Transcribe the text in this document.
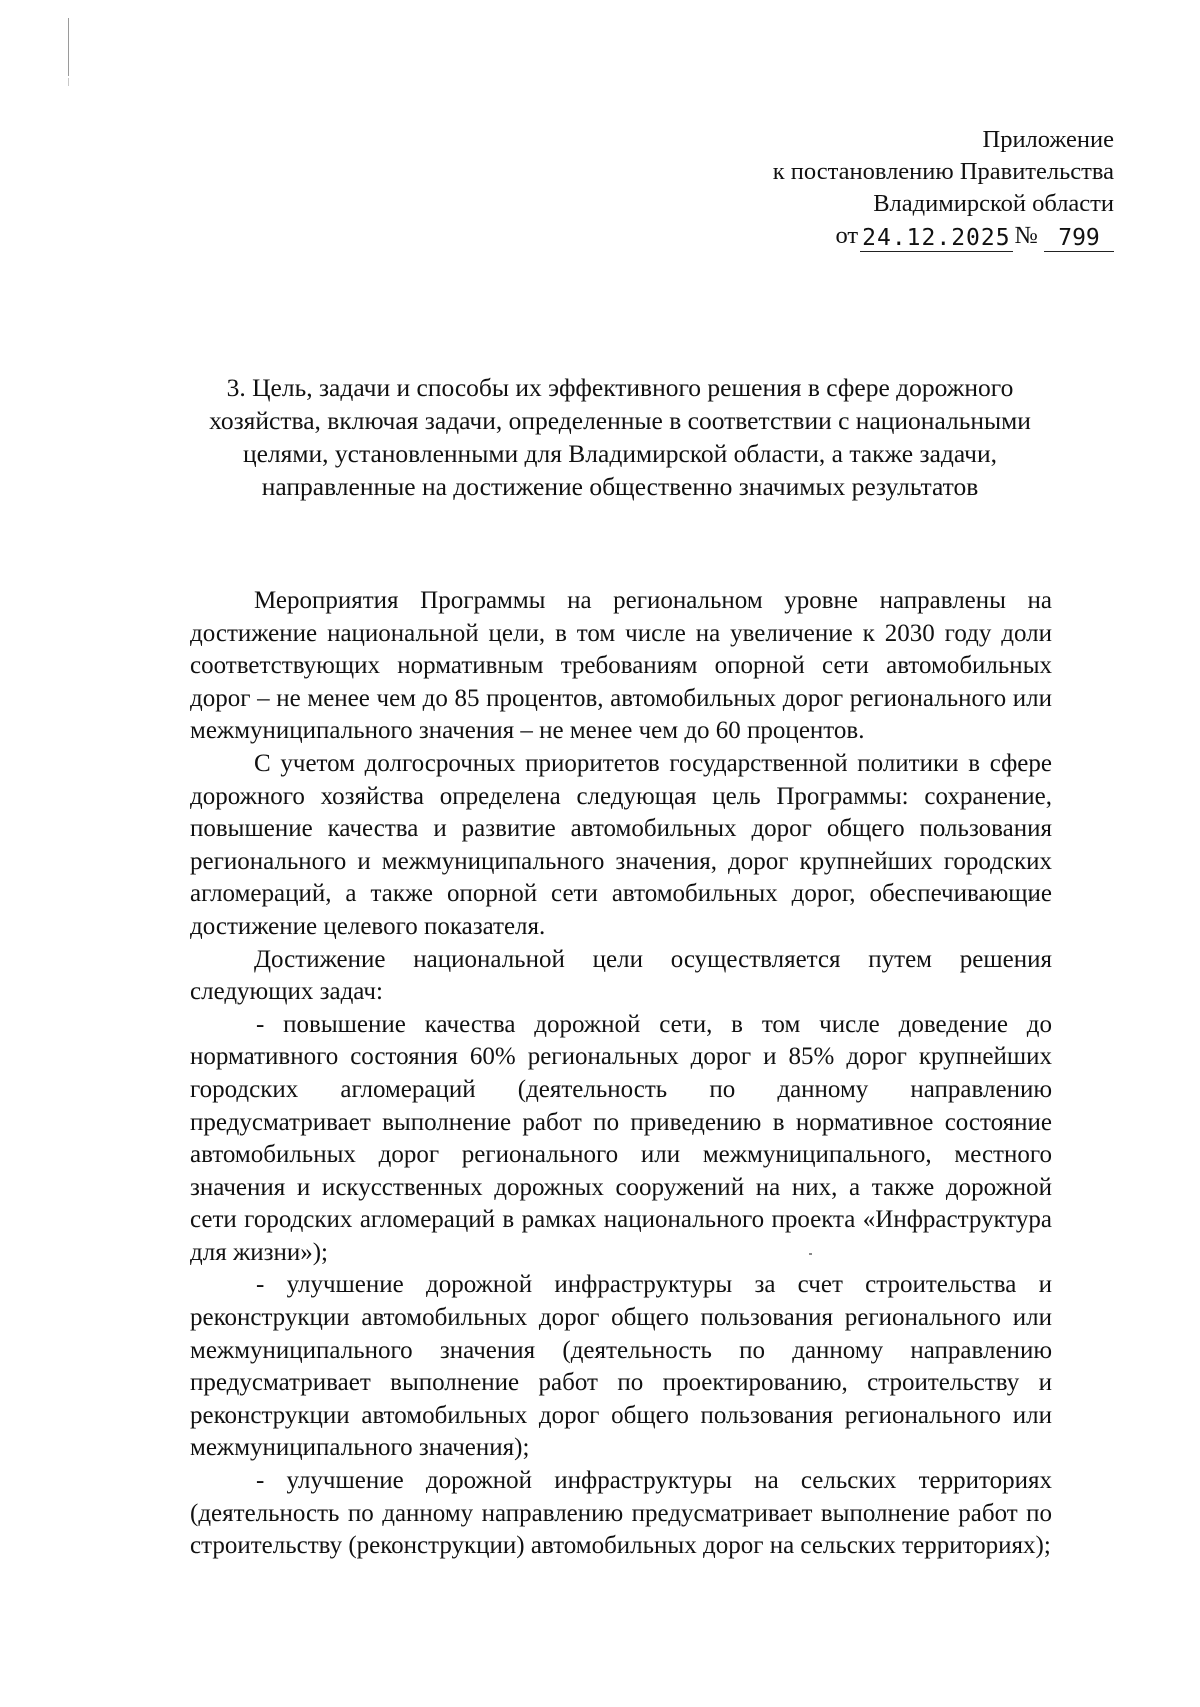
Приложение
к постановлению Правительства
Владимирской области
от 24.12.2025 № 799
3. Цель, задачи и способы их эффективного решения в сфере дорожного
хозяйства, включая задачи, определенные в соответствии с национальными
целями, установленными для Владимирской области, а также задачи,
направленные на достижение общественно значимых результатов

Мероприятия Программы на региональном уровне направлены на достижение национальной цели, в том числе на увеличение к 2030 году доли соответствующих нормативным требованиям опорной сети автомобильных дорог – не менее чем до 85 процентов, автомобильных дорог регионального или межмуниципального значения – не менее чем до 60 процентов.

С учетом долгосрочных приоритетов государственной политики в сфере дорожного хозяйства определена следующая цель Программы: сохранение, повышение качества и развитие автомобильных дорог общего пользования регионального и межмуниципального значения, дорог крупнейших городских агломераций, а также опорной сети автомобильных дорог, обеспечивающие достижение целевого показателя.

Достижение национальной цели осуществляется путем решения следующих задач:

- повышение качества дорожной сети, в том числе доведение до нормативного состояния 60% региональных дорог и 85% дорог крупнейших городских агломераций (деятельность по данному направлению предусматривает выполнение работ по приведению в нормативное состояние автомобильных дорог регионального или межмуниципального, местного значения и искусственных дорожных сооружений на них, а также дорожной сети городских агломераций в рамках национального проекта «Инфраструктура для жизни»);

- улучшение дорожной инфраструктуры за счет строительства и реконструкции автомобильных дорог общего пользования регионального или межмуниципального значения (деятельность по данному направлению предусматривает выполнение работ по проектированию, строительству и реконструкции автомобильных дорог общего пользования регионального или межмуниципального значения);

- улучшение дорожной инфраструктуры на сельских территориях (деятельность по данному направлению предусматривает выполнение работ по строительству (реконструкции) автомобильных дорог на сельских территориях);
